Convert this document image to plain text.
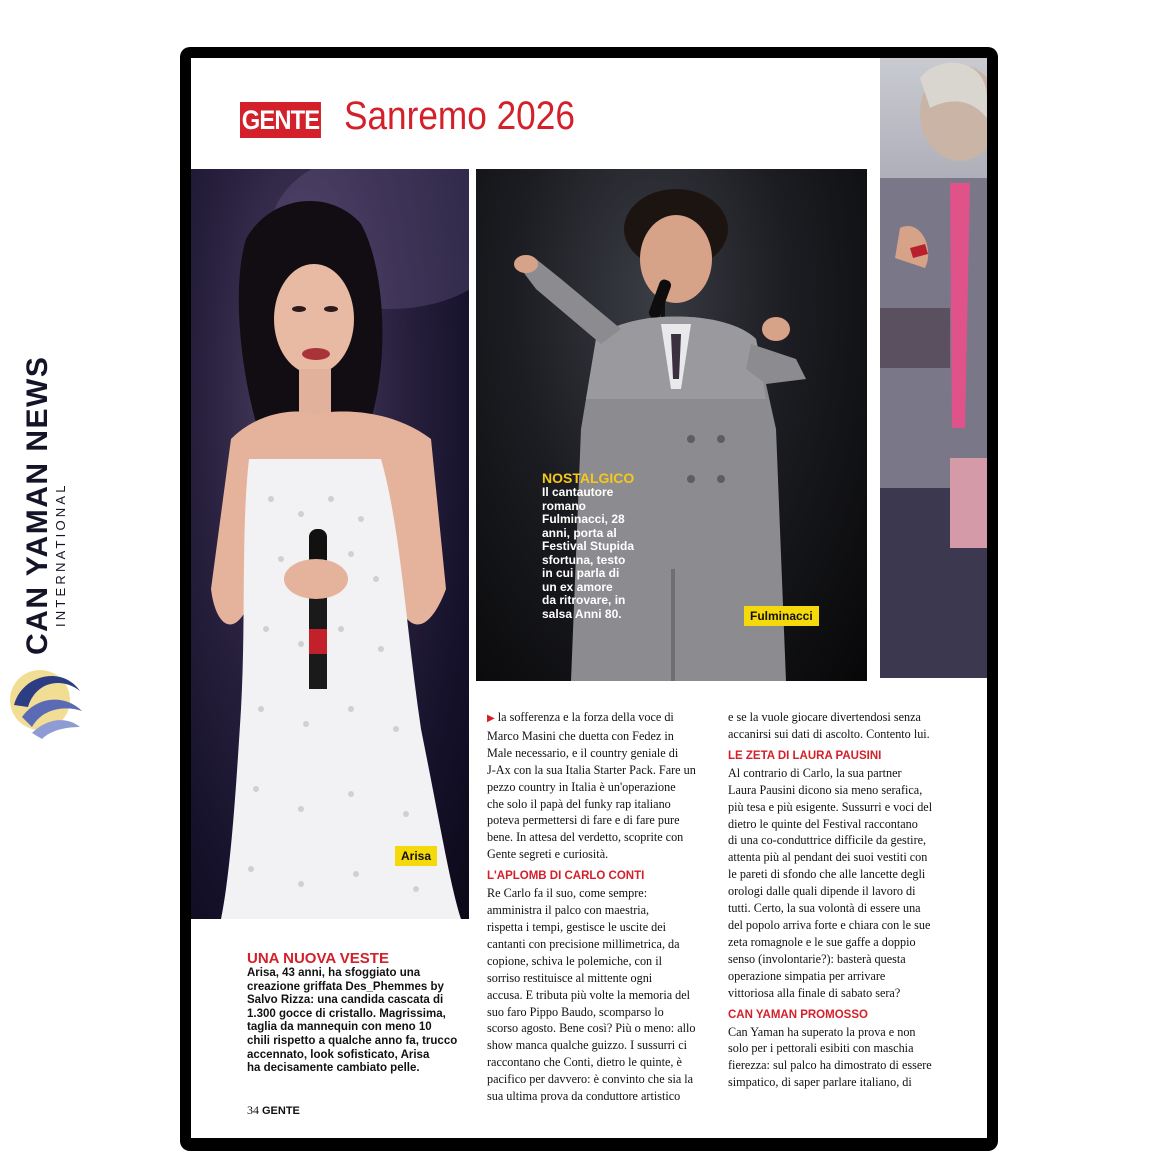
CAN YAMAN NEWS INTERNATIONAL
GENTE Sanremo 2026
Arisa
Fulminacci
NOSTALGICO
Il cantautore
romano
Fulminacci, 28
anni, porta al
Festival Stupida
sfortuna, testo
in cui parla di
un ex amore
da ritrovare, in
salsa Anni 80.
UNA NUOVA VESTE
Arisa, 43 anni, ha sfoggiato una
creazione griffata Des_Phemmes by
Salvo Rizza: una candida cascata di
1.300 gocce di cristallo. Magrissima,
taglia da mannequin con meno 10
chili rispetto a qualche anno fa, trucco
accennato, look sofisticato, Arisa
ha decisamente cambiato pelle.
34 GENTE

▶ la sofferenza e la forza della voce di

Marco Masini che duetta con Fedez in

Male necessario, e il country geniale di

J-Ax con la sua Italia Starter Pack. Fare un

pezzo country in Italia è un'operazione

che solo il papà del funky rap italiano

poteva permettersi di fare e di fare pure

bene. In attesa del verdetto, scoprite con

Gente segreti e curiosità.

L'APLOMB DI CARLO CONTI

Re Carlo fa il suo, come sempre:

amministra il palco con maestria,

rispetta i tempi, gestisce le uscite dei

cantanti con precisione millimetrica, da

copione, schiva le polemiche, con il

sorriso restituisce al mittente ogni

accusa. E tributa più volte la memoria del

suo faro Pippo Baudo, scomparso lo

scorso agosto. Bene così? Più o meno: allo

show manca qualche guizzo. I sussurri ci

raccontano che Conti, dietro le quinte, è

pacifico per davvero: è convinto che sia la

sua ultima prova da conduttore artistico

e se la vuole giocare divertendosi senza

accanirsi sui dati di ascolto. Contento lui.

LE ZETA DI LAURA PAUSINI

Al contrario di Carlo, la sua partner

Laura Pausini dicono sia meno serafica,

più tesa e più esigente. Sussurri e voci del

dietro le quinte del Festival raccontano

di una co-conduttrice difficile da gestire,

attenta più al pendant dei suoi vestiti con

le pareti di sfondo che alle lancette degli

orologi dalle quali dipende il lavoro di

tutti. Certo, la sua volontà di essere una

del popolo arriva forte e chiara con le sue

zeta romagnole e le sue gaffe a doppio

senso (involontarie?): basterà questa

operazione simpatia per arrivare

vittoriosa alla finale di sabato sera?

CAN YAMAN PROMOSSO

Can Yaman ha superato la prova e non

solo per i pettorali esibiti con maschia

fierezza: sul palco ha dimostrato di essere

simpatico, di saper parlare italiano, di
